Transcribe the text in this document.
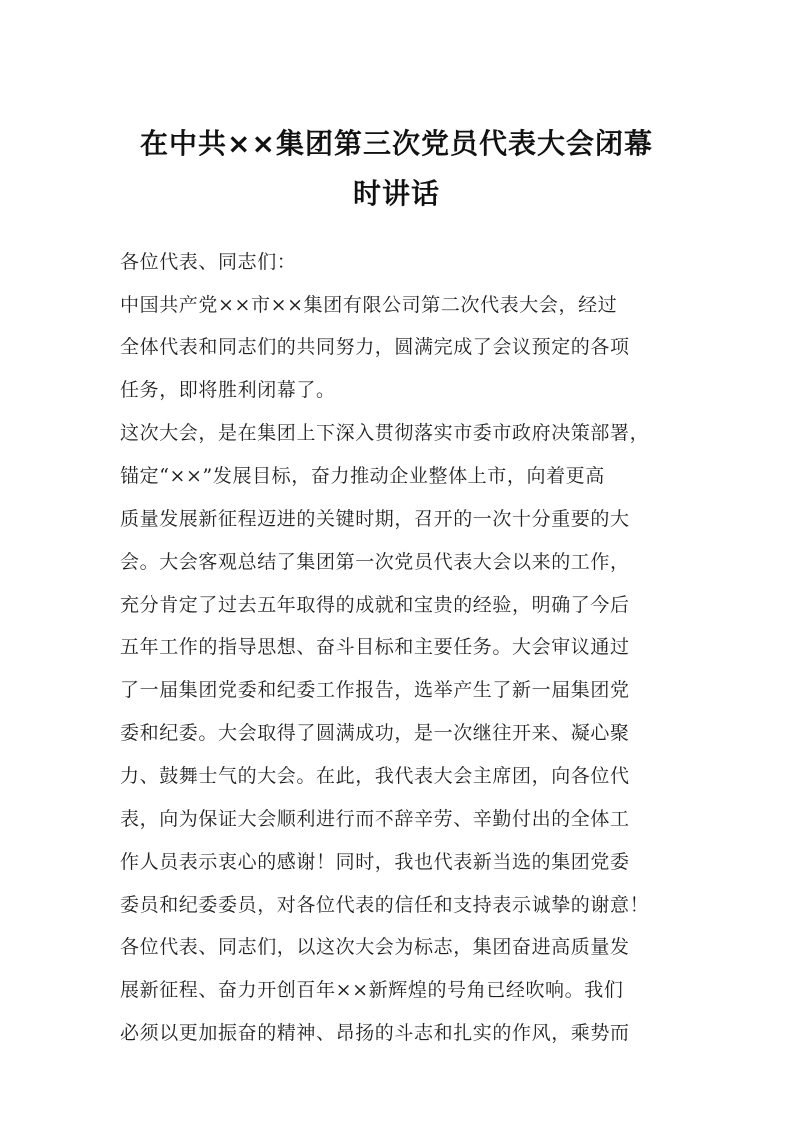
在中共××集团第三次党员代表大会闭幕
时讲话
各位代表、同志们：
中国共产党××市××集团有限公司第二次代表大会，经过
全体代表和同志们的共同努力，圆满完成了会议预定的各项
任务，即将胜利闭幕了。
这次大会，是在集团上下深入贯彻落实市委市政府决策部署，
锚定“××”发展目标，奋力推动企业整体上市，向着更高
质量发展新征程迈进的关键时期，召开的一次十分重要的大
会。大会客观总结了集团第一次党员代表大会以来的工作，
充分肯定了过去五年取得的成就和宝贵的经验，明确了今后
五年工作的指导思想、奋斗目标和主要任务。大会审议通过
了一届集团党委和纪委工作报告，选举产生了新一届集团党
委和纪委。大会取得了圆满成功，是一次继往开来、凝心聚
力、鼓舞士气的大会。在此，我代表大会主席团，向各位代
表，向为保证大会顺利进行而不辞辛劳、辛勤付出的全体工
作人员表示衷心的感谢！同时，我也代表新当选的集团党委
委员和纪委委员，对各位代表的信任和支持表示诚挚的谢意！
各位代表、同志们，以这次大会为标志，集团奋进高质量发
展新征程、奋力开创百年××新辉煌的号角已经吹响。我们
必须以更加振奋的精神、昂扬的斗志和扎实的作风，乘势而
